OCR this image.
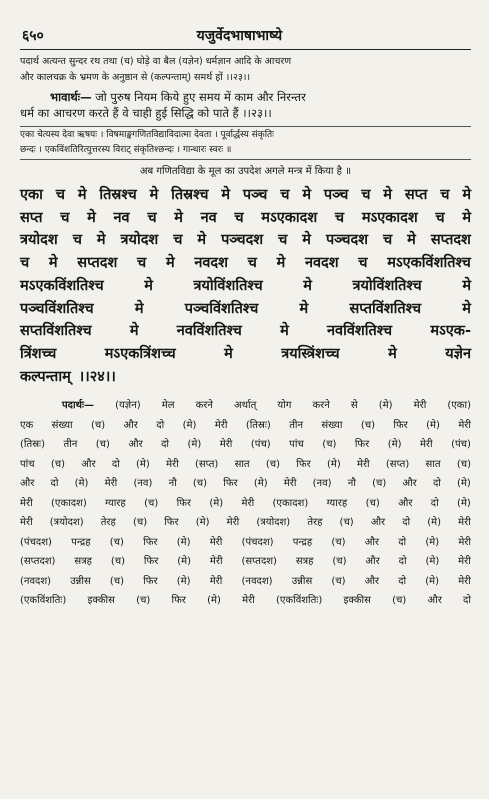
६५०	यजुर्वेदभाषाभाष्ये
पदार्थ अत्यन्त सुन्दर रथ तथा (च) घोड़े वा बैल (यज्ञेन) धर्मज्ञान आदि के आचरण
और कालचक्र के भ्रमण के अनुष्ठान से (कल्पन्ताम्) समर्थ हों ।।२३।।
भावार्थः— जो पुरुष नियम किये हुए समय में काम और निरन्तर
धर्म का आचरण करते हैं वे चाही हुई सिद्धि को पाते हैं ।।२३।।
एका चेत्यस्य देवा ऋषयः । विषमाङ्कगणितविद्याविदात्मा देवता । पूर्वार्द्धस्य संकृतिः
छन्दः । एकविंशतिरित्युत्तरस्य विराट् संकृतिश्छन्दः । गान्धारः स्वरः ॥
अब गणितविद्या के मूल का उपदेश अगले मन्त्र में किया है ॥
एका च मे तिस्रश्च मे तिस्रश्च मे पञ्च च मे पञ्च च मे सप्त च मे
सप्त च मे नव च मे नव च मऽएकादश च मऽएकादश च मे
त्रयोदश च मे त्रयोदश च मे पञ्चदश च मे पञ्चदश च मे सप्तदश
च मे सप्तदश च मे नवदश च मे नवदश च मऽएकविंशतिश्च
मऽएकविंशतिश्च	मे	त्रयोविंशतिश्च	मे	त्रयोविंशतिश्च	मे
पञ्चविंशतिश्च	मे	पञ्चविंशतिश्च	मे	सप्तविंशतिश्च	मे
सप्तविंशतिश्च	मे	नवविंशतिश्च	मे	नवविंशतिश्च	मऽएक-
त्रिंशच्च	मऽएकत्रिंशच्च	मे	त्रयस्त्रिंशच्च	मे	यज्ञेन
कल्पन्ताम् ।।२४।।
पदार्थः— (यज्ञेन) मेल करने अर्थात् योग करने से (मे) मेरी (एका)
एक संख्या (च) और दो (मे) मेरी (तिस्रः) तीन संख्या (च) फिर (मे) मेरी
(तिस्रः) तीन (च) और दो (मे) मेरी (पंच) पांच (च) फिर (मे) मेरी (पंच)
पांच (च) और दो (मे) मेरी (सप्त) सात (च) फिर (मे) मेरी (सप्त) सात (च)
और दो (मे) मेरी (नव) नौ (च) फिर (मे) मेरी (नव) नौ (च) और दो (मे)
मेरी (एकादश) ग्यारह (च) फिर (मे) मेरी (एकादश) ग्यारह (च) और दो (मे)
मेरी (त्रयोदश) तेरह (च) फिर (मे) मेरी (त्रयोदश) तेरह (च) और दो (मे) मेरी
(पंचदश) पन्द्रह (च) फिर (मे) मेरी (पंचदश) पन्द्रह (च) और दो (मे) मेरी
(सप्तदश) सत्रह (च) फिर (मे) मेरी (सप्तदश) सत्रह (च) और दो (मे) मेरी
(नवदश) उन्नीस (च) फिर (मे) मेरी (नवदश) उन्नीस (च) और दो (मे) मेरी
(एकविंशतिः) इक्कीस (च) फिर (मे) मेरी (एकविंशतिः) इक्कीस (च) और दो
